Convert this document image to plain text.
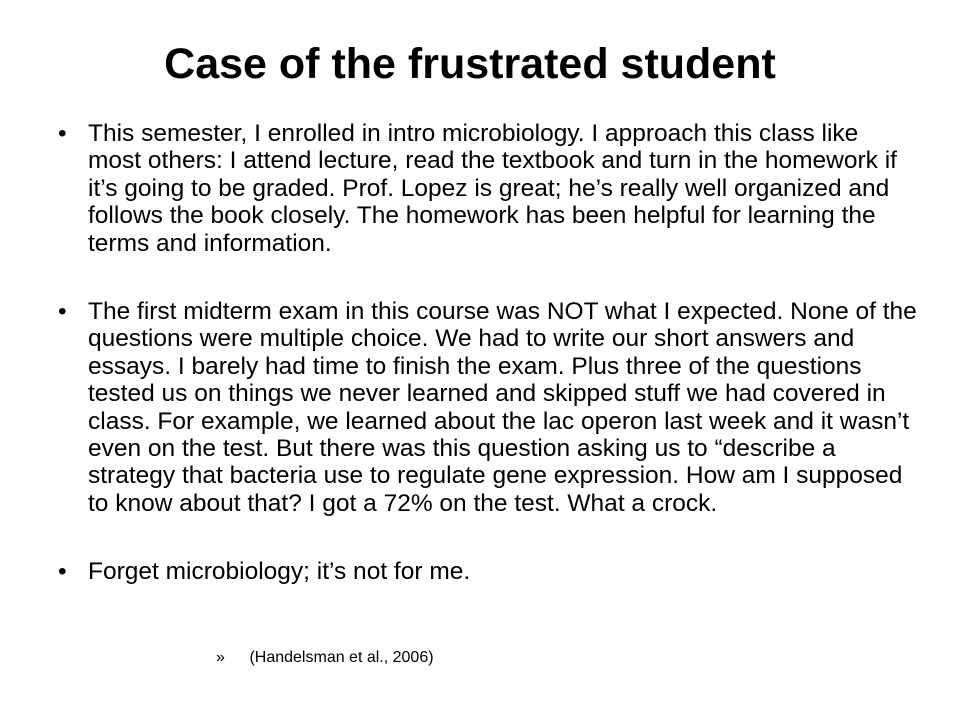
Case of the frustrated student
• This semester, I enrolled in intro microbiology. I approach this class like most others: I attend lecture, read the textbook and turn in the homework if it’s going to be graded. Prof. Lopez is great; he’s really well organized and follows the book closely. The homework has been helpful for learning the terms and information.
• The first midterm exam in this course was NOT what I expected. None of the questions were multiple choice. We had to write our short answers and essays. I barely had time to finish the exam. Plus three of the questions tested us on things we never learned and skipped stuff we had covered in class. For example, we learned about the lac operon last week and it wasn’t even on the test. But there was this question asking us to “describe a strategy that bacteria use to regulate gene expression. How am I supposed to know about that? I got a 72% on the test. What a crock.
• Forget microbiology; it’s not for me.
» (Handelsman et al., 2006)
